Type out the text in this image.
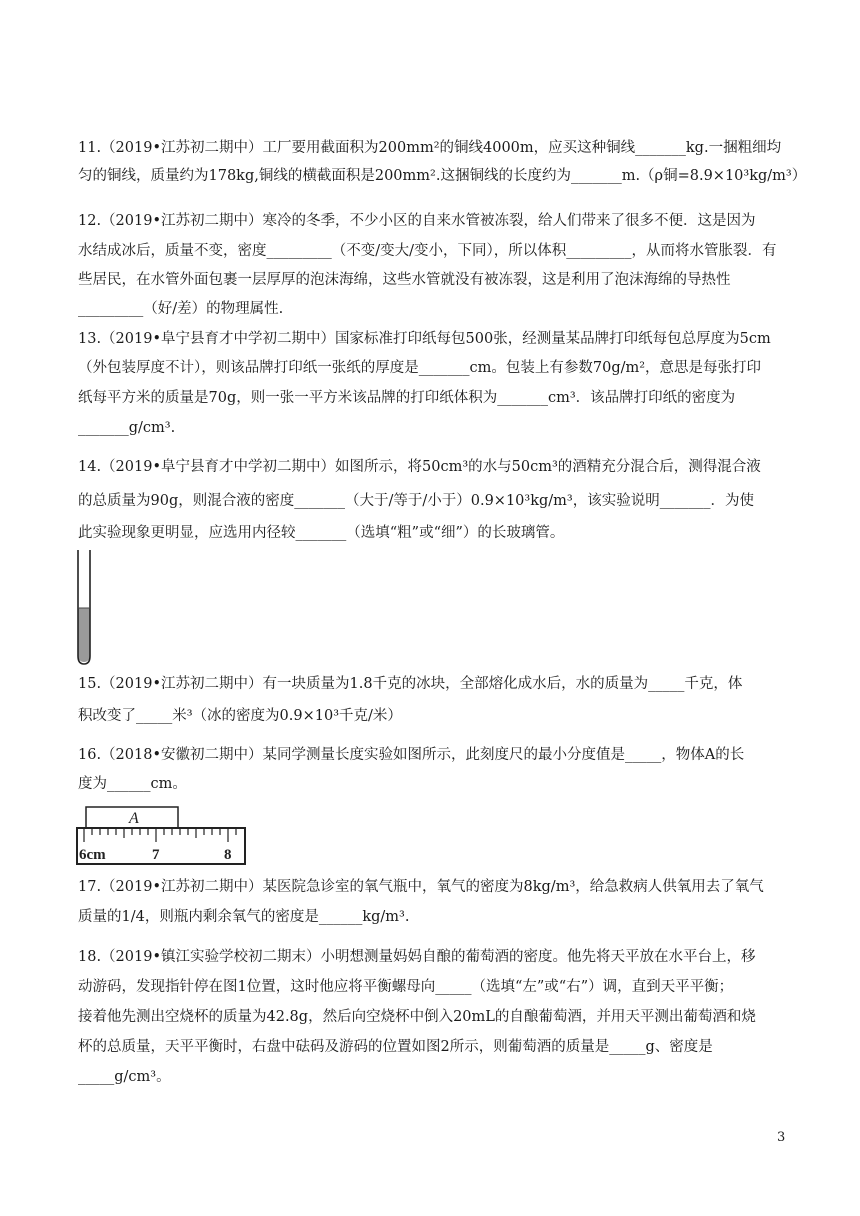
11.（2019•江苏初二期中）工厂要用截面积为200mm²的铜线4000m，应买这种铜线_______kg.一捆粗细均
匀的铜线，质量约为178kg,铜线的横截面积是200mm².这捆铜线的长度约为_______m.（ρ铜=8.9×10³kg/m³）
12.（2019•江苏初二期中）寒冷的冬季，不少小区的自来水管被冻裂，给人们带来了很多不便．这是因为
水结成冰后，质量不变，密度_________（不变/变大/变小，下同），所以体积_________，从而将水管胀裂．有
些居民，在水管外面包裹一层厚厚的泡沫海绵，这些水管就没有被冻裂，这是利用了泡沫海绵的导热性
_________（好/差）的物理属性.
13.（2019•阜宁县育才中学初二期中）国家标准打印纸每包500张，经测量某品牌打印纸每包总厚度为5cm
（外包装厚度不计），则该品牌打印纸一张纸的厚度是_______cm。包装上有参数70g/m²，意思是每张打印
纸每平方米的质量是70g，则一张一平方米该品牌的打印纸体积为_______cm³．该品牌打印纸的密度为
_______g/cm³.
14.（2019•阜宁县育才中学初二期中）如图所示，将50cm³的水与50cm³的酒精充分混合后，测得混合液
的总质量为90g，则混合液的密度_______（大于/等于/小于）0.9×10³kg/m³，该实验说明_______．为使
此实验现象更明显，应选用内径较_______（选填“粗”或“细”）的长玻璃管。
15.（2019•江苏初二期中）有一块质量为1.8千克的冰块，全部熔化成水后，水的质量为_____千克，体
积改变了_____米³（冰的密度为0.9×10³千克/米）
16.（2018•安徽初二期中）某同学测量长度实验如图所示，此刻度尺的最小分度值是_____，物体A的长
度为______cm。
A
6cm	7	8
17.（2019•江苏初二期中）某医院急诊室的氧气瓶中，氧气的密度为8kg/m³，给急救病人供氧用去了氧气
质量的1/4，则瓶内剩余氧气的密度是______kg/m³.
18.（2019•镇江实验学校初二期末）小明想测量妈妈自酿的葡萄酒的密度。他先将天平放在水平台上，移
动游码，发现指针停在图1位置，这时他应将平衡螺母向_____（选填“左”或“右”）调，直到天平平衡；
接着他先测出空烧杯的质量为42.8g，然后向空烧杯中倒入20mL的自酿葡萄酒，并用天平测出葡萄酒和烧
杯的总质量，天平平衡时，右盘中砝码及游码的位置如图2所示，则葡萄酒的质量是_____g、密度是
_____g/cm³。
3
